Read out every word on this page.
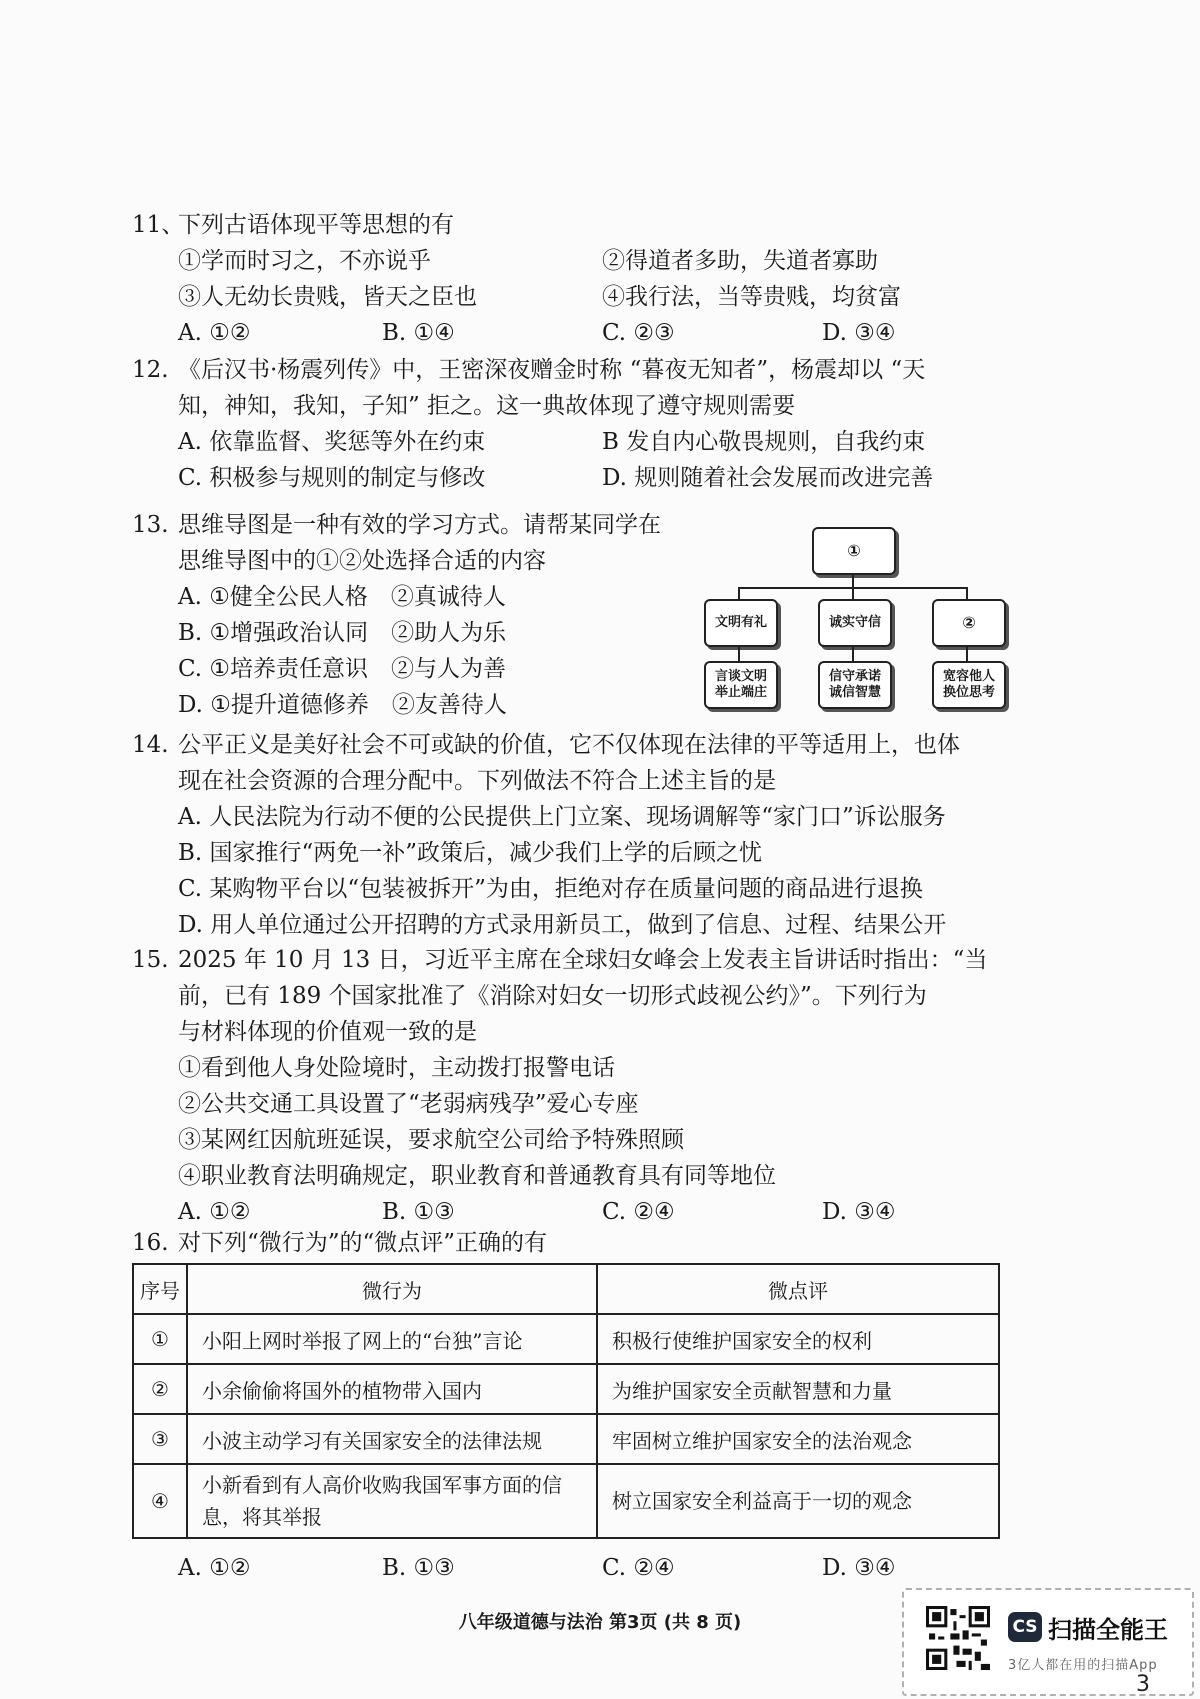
11、下列古语体现平等思想的有
①学而时习之，不亦说乎	②得道者多助，失道者寡助
③人无幼长贵贱，皆天之臣也	④我行法，当等贵贱，均贫富
A. ①②	B. ①④	C. ②③	D. ③④
12. 《后汉书·杨震列传》中，王密深夜赠金时称 “暮夜无知者”，杨震却以 “天
知，神知，我知，子知” 拒之。这一典故体现了遵守规则需要
A. 依靠监督、奖惩等外在约束	B 发自内心敬畏规则，自我约束
C. 积极参与规则的制定与修改	D. 规则随着社会发展而改进完善
13. 思维导图是一种有效的学习方式。请帮某同学在
思维导图中的①②处选择合适的内容
A. ①健全公民人格　②真诚待人
B. ①增强政治认同　②助人为乐
C. ①培养责任意识　②与人为善
D. ①提升道德修养　②友善待人
①
文明有礼	诚实守信	②
言谈文明
举止端庄
信守承诺
诚信智慧
宽容他人
换位思考
14. 公平正义是美好社会不可或缺的价值，它不仅体现在法律的平等适用上，也体
现在社会资源的合理分配中。下列做法不符合上述主旨的是
A. 人民法院为行动不便的公民提供上门立案、现场调解等“家门口”诉讼服务
B. 国家推行“两免一补”政策后，减少我们上学的后顾之忧
C. 某购物平台以“包装被拆开”为由，拒绝对存在质量问题的商品进行退换
D. 用人单位通过公开招聘的方式录用新员工，做到了信息、过程、结果公开
15. 2025 年 10 月 13 日，习近平主席在全球妇女峰会上发表主旨讲话时指出：“当
前，已有 189 个国家批准了《消除对妇女一切形式歧视公约》”。下列行为
与材料体现的价值观一致的是
①看到他人身处险境时，主动拨打报警电话
②公共交通工具设置了“老弱病残孕”爱心专座
③某网红因航班延误，要求航空公司给予特殊照顾
④职业教育法明确规定，职业教育和普通教育具有同等地位
A. ①②	B. ①③	C. ②④	D. ③④
16. 对下列“微行为”的“微点评”正确的有
序号	微行为	微点评
①	小阳上网时举报了网上的“台独”言论	积极行使维护国家安全的权利
②	小余偷偷将国外的植物带入国内	为维护国家安全贡献智慧和力量
③	小波主动学习有关国家安全的法律法规	牢固树立维护国家安全的法治观念
④	小新看到有人高价收购我国军事方面的信息，将其举报	树立国家安全利益高于一切的观念
A. ①②	B. ①③	C. ②④	D. ③④
八年级道德与法治 第3页 (共 8 页)	CS 扫描全能王
3亿人都在用的扫描App
3
